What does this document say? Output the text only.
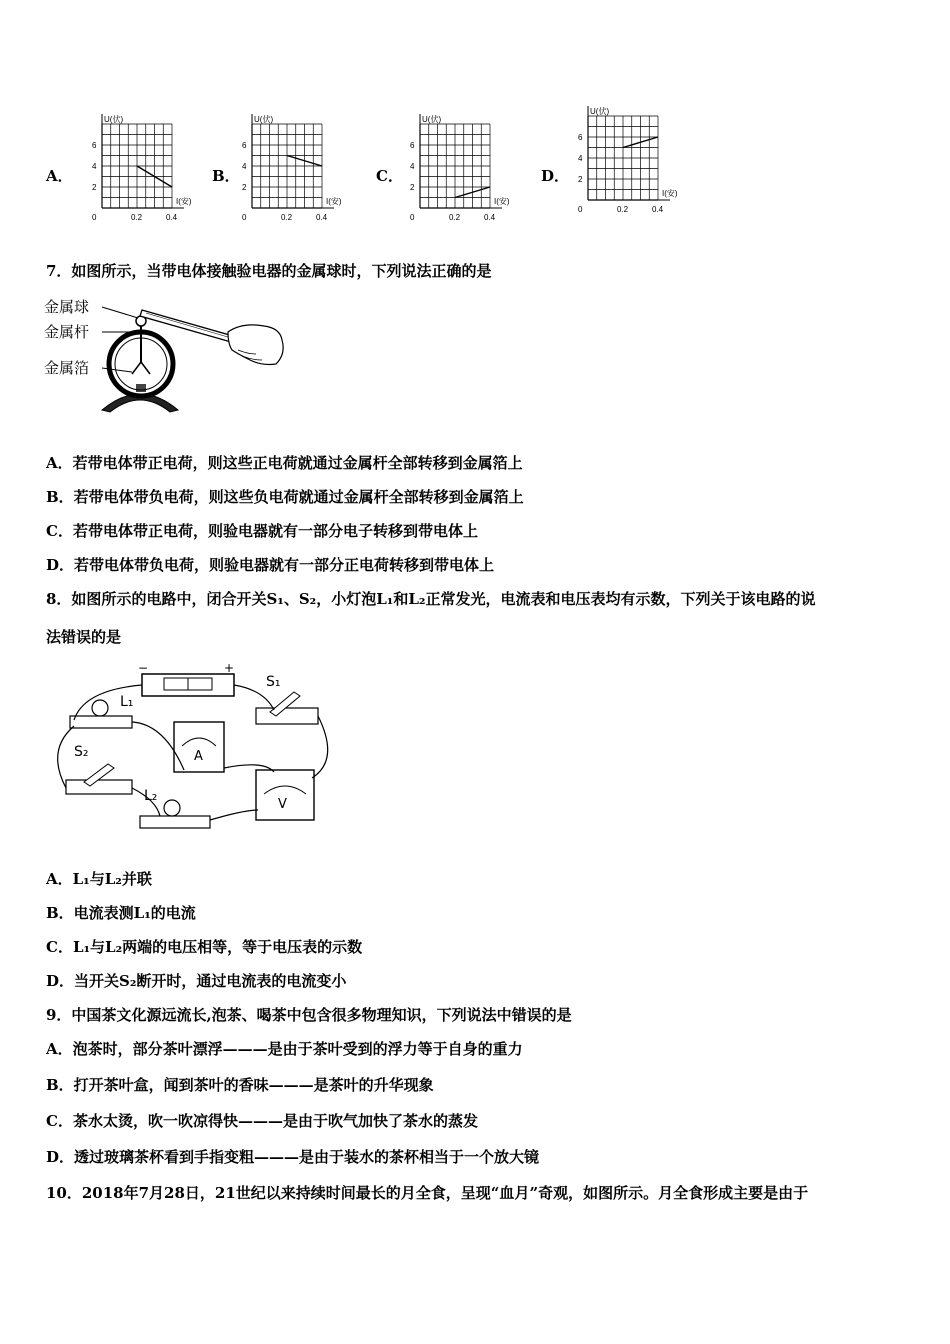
A．
U(伏)
I(安)
2
4
6
0	0.2	0.4
B．
U(伏)
I(安)
2
4
6
0	0.2	0.4
C．
U(伏)
I(安)
2
4
6
0	0.2	0.4
D．
U(伏)
I(安)
2
4
6
0	0.2	0.4
7．如图所示，当带电体接触验电器的金属球时，下列说法正确的是
金属球
金属杆
金属箔
A．若带电体带正电荷，则这些正电荷就通过金属杆全部转移到金属箔上
B．若带电体带负电荷，则这些负电荷就通过金属杆全部转移到金属箔上
C．若带电体带正电荷，则验电器就有一部分电子转移到带电体上
D．若带电体带负电荷，则验电器就有一部分正电荷转移到带电体上
8．如图所示的电路中，闭合开关S₁、S₂，小灯泡L₁和L₂正常发光，电流表和电压表均有示数，下列关于该电路的说
法错误的是
−	+
S₁
L₁
A
S₂
L₂
V
A．L₁与L₂并联
B．电流表测L₁的电流
C．L₁与L₂两端的电压相等，等于电压表的示数
D．当开关S₂断开时，通过电流表的电流变小
9．中国茶文化源远流长,泡茶、喝茶中包含很多物理知识，下列说法中错误的是
A．泡茶时，部分茶叶漂浮———是由于茶叶受到的浮力等于自身的重力
B．打开茶叶盒，闻到茶叶的香味———是茶叶的升华现象
C．茶水太烫，吹一吹凉得快———是由于吹气加快了茶水的蒸发
D．透过玻璃茶杯看到手指变粗———是由于装水的茶杯相当于一个放大镜
10．2018年7月28日，21世纪以来持续时间最长的月全食，呈现“血月”奇观，如图所示。月全食形成主要是由于
